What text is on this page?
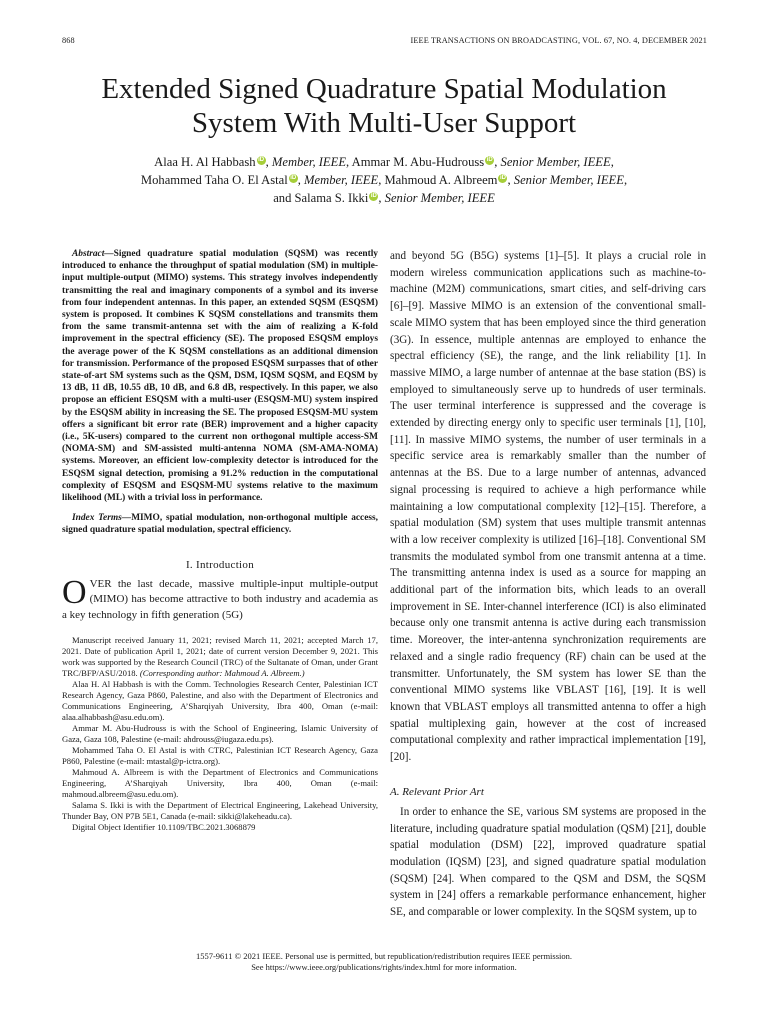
868	IEEE TRANSACTIONS ON BROADCASTING, VOL. 67, NO. 4, DECEMBER 2021
Extended Signed Quadrature Spatial Modulation
System With Multi-User Support
Alaa H. Al Habbash iD , Member, IEEE, Ammar M. Abu-Hudrouss iD , Senior Member, IEEE,
Mohammed Taha O. El Astal iD , Member, IEEE, Mahmoud A. Albreem iD , Senior Member, IEEE,
and Salama S. Ikki iD , Senior Member, IEEE

Abstract—Signed quadrature spatial modulation (SQSM) was recently introduced to enhance the throughput of spatial modulation (SM) in multiple-input multiple-output (MIMO) systems. This strategy involves independently transmitting the real and imaginary components of a symbol and its inverse from four independent antennas. In this paper, an extended SQSM (ESQSM) system is proposed. It combines K SQSM constellations and transmits them from the same transmit-antenna set with the aim of realizing a K-fold improvement in the spectral efficiency (SE). The proposed ESQSM employs the average power of the K SQSM constellations as an additional dimension for transmission. Performance of the proposed ESQSM surpasses that of other state-of-art SM systems such as the QSM, DSM, IQSM SQSM, and EQSM by 13 dB, 11 dB, 10.55 dB, 10 dB, and 6.8 dB, respectively. In this paper, we also propose an efficient ESQSM with a multi-user (ESQSM-MU) system inspired by the ESQSM ability in increasing the SE. The proposed ESQSM-MU system offers a significant bit error rate (BER) improvement and a higher capacity (i.e., 5K-users) compared to the current non orthogonal multiple access-SM (NOMA-SM) and SM-assisted multi-antenna NOMA (SM-AMA-NOMA) systems. Moreover, an efficient low-complexity detector is introduced for the ESQSM signal detection, promising a 91.2% reduction in the computational complexity of ESQSM and ESQSM-MU systems relative to the maximum likelihood (ML) with a trivial loss in performance.

Index Terms—MIMO, spatial modulation, non-orthogonal multiple access, signed quadrature spatial modulation, spectral efficiency.

I. Introduction

OVER the last decade, massive multiple-input multiple-output (MIMO) has become attractive to both industry and academia as a key technology in fifth generation (5G)

Manuscript received January 11, 2021; revised March 11, 2021; accepted March 17, 2021. Date of publication April 1, 2021; date of current version December 9, 2021. This work was supported by the Research Council (TRC) of the Sultanate of Oman, under Grant TRC/BFP/ASU/2018. (Corresponding author: Mahmoud A. Albreem.)

Alaa H. Al Habbash is with the Comm. Technologies Research Center, Palestinian ICT Research Agency, Gaza P860, Palestine, and also with the Department of Electronics and Communications Engineering, A’Sharqiyah University, Ibra 400, Oman (e-mail: alaa.alhabbash@asu.edu.om).

Ammar M. Abu-Hudrouss is with the School of Engineering, Islamic University of Gaza, Gaza 108, Palestine (e-mail: ahdrouss@iugaza.edu.ps).

Mohammed Taha O. El Astal is with CTRC, Palestinian ICT Research Agency, Gaza P860, Palestine (e-mail: mtastal@p-ictra.org).

Mahmoud A. Albreem is with the Department of Electronics and Communications Engineering, A’Sharqiyah University, Ibra 400, Oman (e-mail: mahmoud.albreem@asu.edu.om).

Salama S. Ikki is with the Department of Electrical Engineering, Lakehead University, Thunder Bay, ON P7B 5E1, Canada (e-mail: sikki@lakeheadu.ca).

Digital Object Identifier 10.1109/TBC.2021.3068879

and beyond 5G (B5G) systems [1]–[5]. It plays a crucial role in modern wireless communication applications such as machine-to-machine (M2M) communications, smart cities, and self-driving cars [6]–[9]. Massive MIMO is an extension of the conventional small-scale MIMO system that has been employed since the third generation (3G). In essence, multiple antennas are employed to enhance the spectral efficiency (SE), the range, and the link reliability [1]. In massive MIMO, a large number of antennae at the base station (BS) is employed to simultaneously serve up to hundreds of user terminals. The user terminal interference is suppressed and the coverage is extended by directing energy only to specific user terminals [1], [10], [11]. In massive MIMO systems, the number of user terminals in a specific service area is remarkably smaller than the number of antennas at the BS. Due to a large number of antennas, advanced signal processing is required to achieve a high performance while maintaining a low computational complexity [12]–[15]. Therefore, a spatial modulation (SM) system that uses multiple transmit antennas with a low receiver complexity is utilized [16]–[18]. Conventional SM transmits the modulated symbol from one transmit antenna at a time. The transmitting antenna index is used as a source for mapping an additional part of the information bits, which leads to an overall improvement in SE. Inter-channel interference (ICI) is also eliminated because only one transmit antenna is active during each transmission time. Moreover, the inter-antenna synchronization requirements are relaxed and a single radio frequency (RF) chain can be used at the transmitter. Unfortunately, the SM system has lower SE than the conventional MIMO systems like VBLAST [16], [19]. It is well known that VBLAST employs all transmitted antenna to offer a high spatial multiplexing gain, however at the cost of increased computational complexity and rather impractical implementation [19], [20].

A. Relevant Prior Art

In order to enhance the SE, various SM systems are proposed in the literature, including quadrature spatial modulation (QSM) [21], double spatial modulation (DSM) [22], improved quadrature spatial modulation (IQSM) [23], and signed quadrature spatial modulation (SQSM) [24]. When compared to the QSM and DSM, the SQSM system in [24] offers a remarkable performance enhancement, higher SE, and comparable or lower complexity. In the SQSM system, up to

1557-9611 © 2021 IEEE. Personal use is permitted, but republication/redistribution requires IEEE permission.
See https://www.ieee.org/publications/rights/index.html for more information.
